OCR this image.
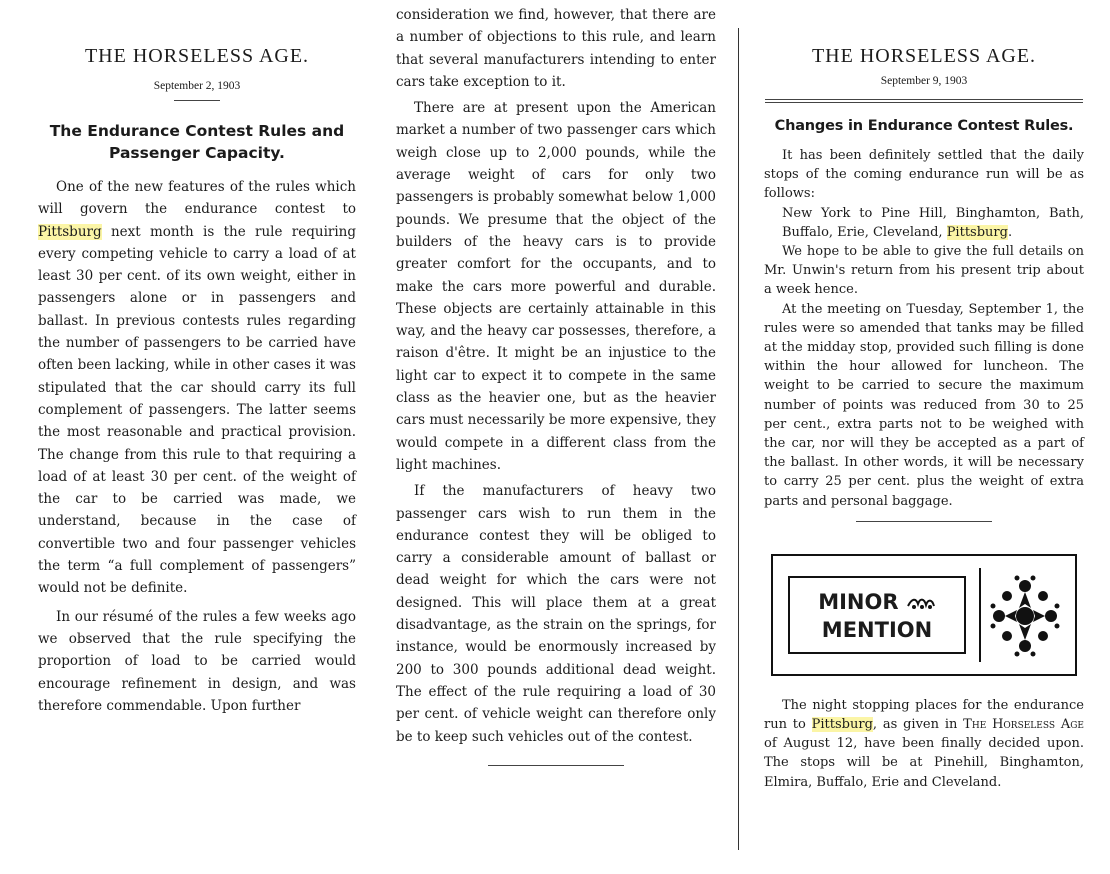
THE HORSELESS AGE.
September 2, 1903
The Endurance Contest Rules and
Passenger Capacity.

One of the new features of the rules which will govern the endurance contest to Pittsburg next month is the rule requiring every competing vehicle to carry a load of at least 30 per cent. of its own weight, either in passengers alone or in passengers and ballast. In previous contests rules regarding the number of passengers to be carried have often been lacking, while in other cases it was stipulated that the car should carry its full complement of passengers. The latter seems the most reasonable and practical provision. The change from this rule to that requiring a load of at least 30 per cent. of the weight of the car to be carried was made, we understand, because in the case of convertible two and four passenger vehicles the term “a full complement of passengers” would not be definite.

In our résumé of the rules a few weeks ago we observed that the rule specifying the proportion of load to be carried would encourage refinement in design, and was therefore commendable. Upon further

consideration we find, however, that there are a number of objections to this rule, and learn that several manufacturers intending to enter cars take exception to it.

There are at present upon the American market a number of two passenger cars which weigh close up to 2,000 pounds, while the average weight of cars for only two passengers is probably somewhat below 1,000 pounds. We presume that the object of the builders of the heavy cars is to provide greater comfort for the occupants, and to make the cars more powerful and durable. These objects are certainly attainable in this way, and the heavy car possesses, therefore, a raison d'être. It might be an injustice to the light car to expect it to compete in the same class as the heavier one, but as the heavier cars must necessarily be more expensive, they would compete in a different class from the light machines.

If the manufacturers of heavy two passenger cars wish to run them in the endurance contest they will be obliged to carry a considerable amount of ballast or dead weight for which the cars were not designed. This will place them at a great disadvantage, as the strain on the springs, for instance, would be enormously increased by 200 to 300 pounds additional dead weight. The effect of the rule requiring a load of 30 per cent. of vehicle weight can therefore only be to keep such vehicles out of the contest.

THE HORSELESS AGE.
September 9, 1903
Changes in Endurance Contest Rules.

It has been definitely settled that the daily stops of the coming endurance run will be as follows:

New York to Pine Hill, Binghamton, Bath, Buffalo, Erie, Cleveland, Pittsburg.

We hope to be able to give the full details on Mr. Unwin's return from his present trip about a week hence.

At the meeting on Tuesday, September 1, the rules were so amended that tanks may be filled at the midday stop, provided such filling is done within the hour allowed for luncheon. The weight to be carried to secure the maximum number of points was reduced from 30 to 25 per cent., extra parts not to be weighed with the car, nor will they be accepted as a part of the ballast. In other words, it will be necessary to carry 25 per cent. plus the weight of extra parts and personal baggage.

MINOR
MENTION

The night stopping places for the endurance run to Pittsburg, as given in The Horseless Age of August 12, have been finally decided upon. The stops will be at Pinehill, Binghamton, Elmira, Buffalo, Erie and Cleveland.
